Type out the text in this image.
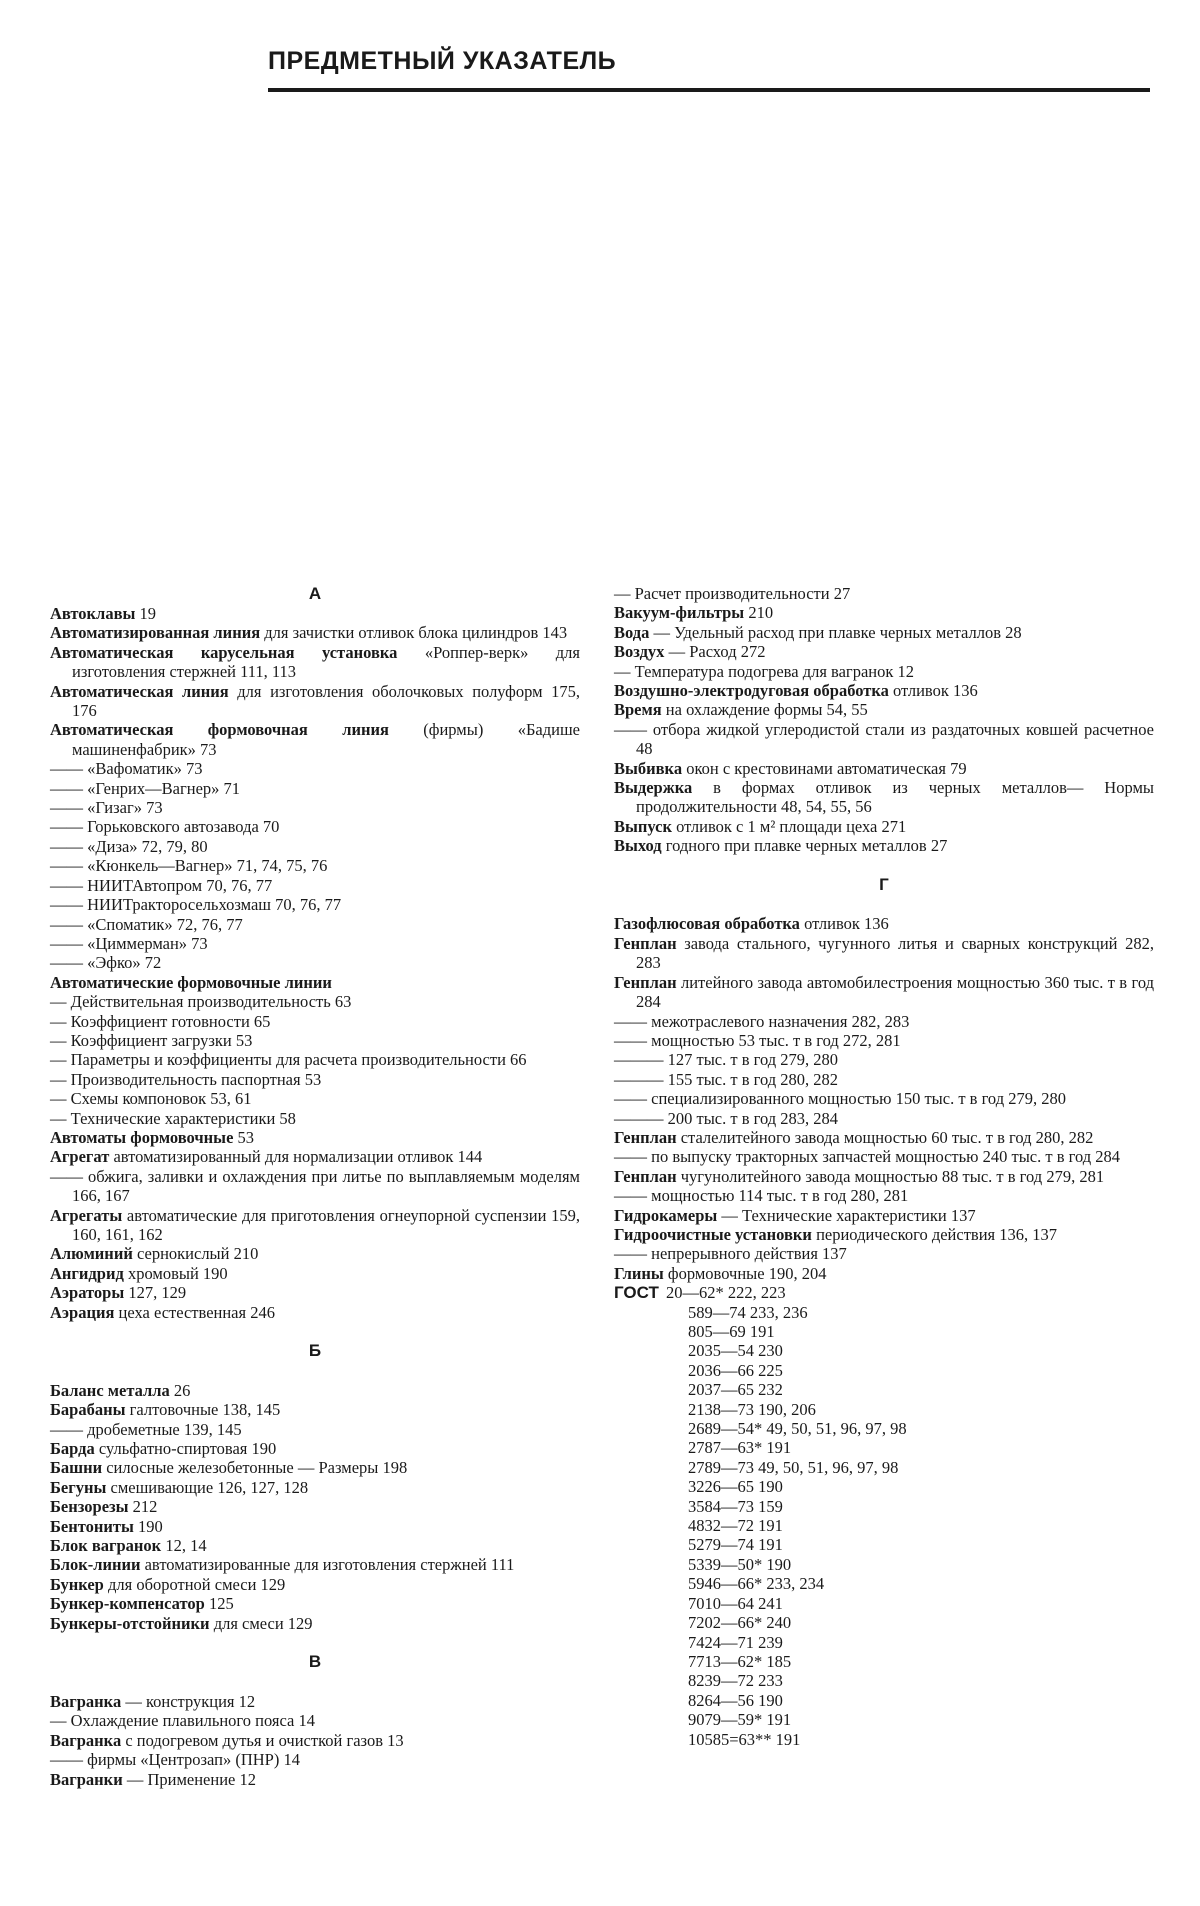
ПРЕДМЕТНЫЙ УКАЗАТЕЛЬ
А

Автоклавы 19

Автоматизированная линия для зачистки отливок блока цилиндров 143

Автоматическая карусельная установка «Роппер-верк» для изготовления стержней 111, 113

Автоматическая линия для изготовления оболочковых полуформ 175, 176

Автоматическая формовочная линия (фирмы) «Бадише машиненфабрик» 73

—— «Вафоматик» 73

—— «Генрих—Вагнер» 71

—— «Гизаг» 73

—— Горьковского автозавода 70

—— «Диза» 72, 79, 80

—— «Кюнкель—Вагнер» 71, 74, 75, 76

—— НИИТАвтопром 70, 76, 77

—— НИИТракторосельхозмаш 70, 76, 77

—— «Споматик» 72, 76, 77

—— «Циммерман» 73

—— «Эфко» 72

Автоматические формовочные линии

— Действительная производительность 63

— Коэффициент готовности 65

— Коэффициент загрузки 53

— Параметры и коэффициенты для расчета производительности 66

— Производительность паспортная 53

— Схемы компоновок 53, 61

— Технические характеристики 58

Автоматы формовочные 53

Агрегат автоматизированный для нормализации отливок 144

—— обжига, заливки и охлаждения при литье по выплавляемым моделям 166, 167

Агрегаты автоматические для приготовления огнеупорной суспензии 159, 160, 161, 162

Алюминий сернокислый 210

Ангидрид хромовый 190

Аэраторы 127, 129

Аэрация цеха естественная 246

Б

Баланс металла 26

Барабаны галтовочные 138, 145

—— дробеметные 139, 145

Барда сульфатно-спиртовая 190

Башни силосные железобетонные — Размеры 198

Бегуны смешивающие 126, 127, 128

Бензорезы 212

Бентониты 190

Блок вагранок 12, 14

Блок-линии автоматизированные для изготовления стержней 111

Бункер для оборотной смеси 129

Бункер-компенсатор 125

Бункеры-отстойники для смеси 129

В

Вагранка — конструкция 12

— Охлаждение плавильного пояса 14

Вагранка с подогревом дутья и очисткой газов 13

—— фирмы «Центрозап» (ПНР) 14

Вагранки — Применение 12

— Расчет производительности 27

Вакуум-фильтры 210

Вода — Удельный расход при плавке черных металлов 28

Воздух — Расход 272

— Температура подогрева для вагранок 12

Воздушно-электродуговая обработка отливок 136

Время на охлаждение формы 54, 55

—— отбора жидкой углеродистой стали из раздаточных ковшей расчетное 48

Выбивка окон с крестовинами автоматическая 79

Выдержка в формах отливок из черных металлов— Нормы продолжительности 48, 54, 55, 56

Выпуск отливок с 1 м² площади цеха 271

Выход годного при плавке черных металлов 27

Г

Газофлюсовая обработка отливок 136

Генплан завода стального, чугунного литья и сварных конструкций 282, 283

Генплан литейного завода автомобилестроения мощностью 360 тыс. т в год 284

—— межотраслевого назначения 282, 283

—— мощностью 53 тыс. т в год 272, 281

——— 127 тыс. т в год 279, 280

——— 155 тыс. т в год 280, 282

—— специализированного мощностью 150 тыс. т в год 279, 280

——— 200 тыс. т в год 283, 284

Генплан сталелитейного завода мощностью 60 тыс. т в год 280, 282

—— по выпуску тракторных запчастей мощностью 240 тыс. т в год 284

Генплан чугунолитейного завода мощностью 88 тыс. т в год 279, 281

—— мощностью 114 тыс. т в год 280, 281

Гидрокамеры — Технические характеристики 137

Гидроочистные установки периодического действия 136, 137

—— непрерывного действия 137

Глины формовочные 190, 204

ГОСТ 20—62* 222, 223

589—74 233, 236

805—69 191

2035—54 230

2036—66 225

2037—65 232

2138—73 190, 206

2689—54* 49, 50, 51, 96, 97, 98

2787—63* 191

2789—73 49, 50, 51, 96, 97, 98

3226—65 190

3584—73 159

4832—72 191

5279—74 191

5339—50* 190

5946—66* 233, 234

7010—64 241

7202—66* 240

7424—71 239

7713—62* 185

8239—72 233

8264—56 190

9079—59* 191

10585=63** 191
